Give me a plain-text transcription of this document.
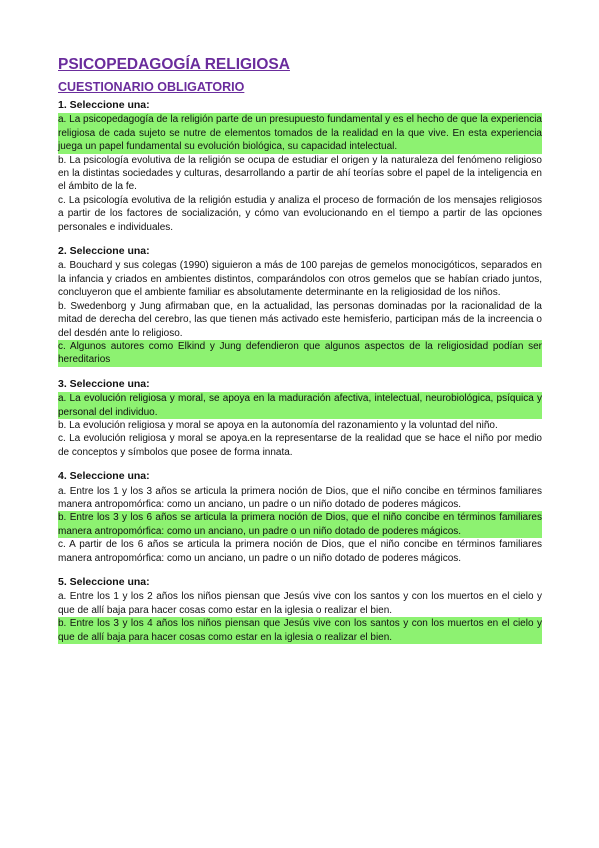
PSICOPEDAGOGÍA RELIGIOSA
CUESTIONARIO OBLIGATORIO
1. Seleccione una:
a. La psicopedagogía de la religión parte de un presupuesto fundamental y es el hecho de que la experiencia religiosa de cada sujeto se nutre de elementos tomados de la realidad en la que vive. En esta experiencia juega un papel fundamental su evolución biológica, su capacidad intelectual.
b. La psicología evolutiva de la religión se ocupa de estudiar el origen y la naturaleza del fenómeno religioso en la distintas sociedades y culturas, desarrollando a partir de ahí teorías sobre el papel de la inteligencia en el ámbito de la fe.
c. La psicología evolutiva de la religión estudia y analiza el proceso de formación de los mensajes religiosos a partir de los factores de socialización, y cómo van evolucionando en el tiempo a partir de las opciones personales e individuales.
2. Seleccione una:
a. Bouchard y sus colegas (1990) siguieron a más de 100 parejas de gemelos monocigóticos, separados en la infancia y criados en ambientes distintos, comparándolos con otros gemelos que se habían criado juntos, concluyeron que el ambiente familiar es absolutamente determinante en la religiosidad de los niños.
b. Swedenborg y Jung afirmaban que, en la actualidad, las personas dominadas por la racionalidad de la mitad de derecha del cerebro, las que tienen más activado este hemisferio, participan más de la increencia o del desdén ante lo religioso.
c. Algunos autores como Elkind y Jung defendieron que algunos aspectos de la religiosidad podían ser hereditarios
3. Seleccione una:
a. La evolución religiosa y moral, se apoya en la maduración afectiva, intelectual, neurobiológica, psíquica y personal del individuo.
b. La evolución religiosa y moral se apoya en la autonomía del razonamiento y la voluntad del niño.
c. La evolución religiosa y moral se apoya.en la representarse de la realidad que se hace el niño por medio de conceptos y símbolos que posee de forma innata.
4. Seleccione una:
a. Entre los 1 y los 3 años se articula la primera noción de Dios, que el niño concibe en términos familiares manera antropomórfica: como un anciano, un padre o un niño dotado de poderes mágicos.
b. Entre los 3 y los 6 años se articula la primera noción de Dios, que el niño concibe en términos familiares manera antropomórfica: como un anciano, un padre o un niño dotado de poderes mágicos.
c. A partir de los 6 años se articula la primera noción de Dios, que el niño concibe en términos familiares manera antropomórfica: como un anciano, un padre o un niño dotado de poderes mágicos.
5. Seleccione una:
a. Entre los 1 y los 2 años los niños piensan que Jesús vive con los santos y con los muertos en el cielo y que de allí baja para hacer cosas como estar en la iglesia o realizar el bien.
b. Entre los 3 y los 4 años los niños piensan que Jesús vive con los santos y con los muertos en el cielo y que de allí baja para hacer cosas como estar en la iglesia o realizar el bien.
